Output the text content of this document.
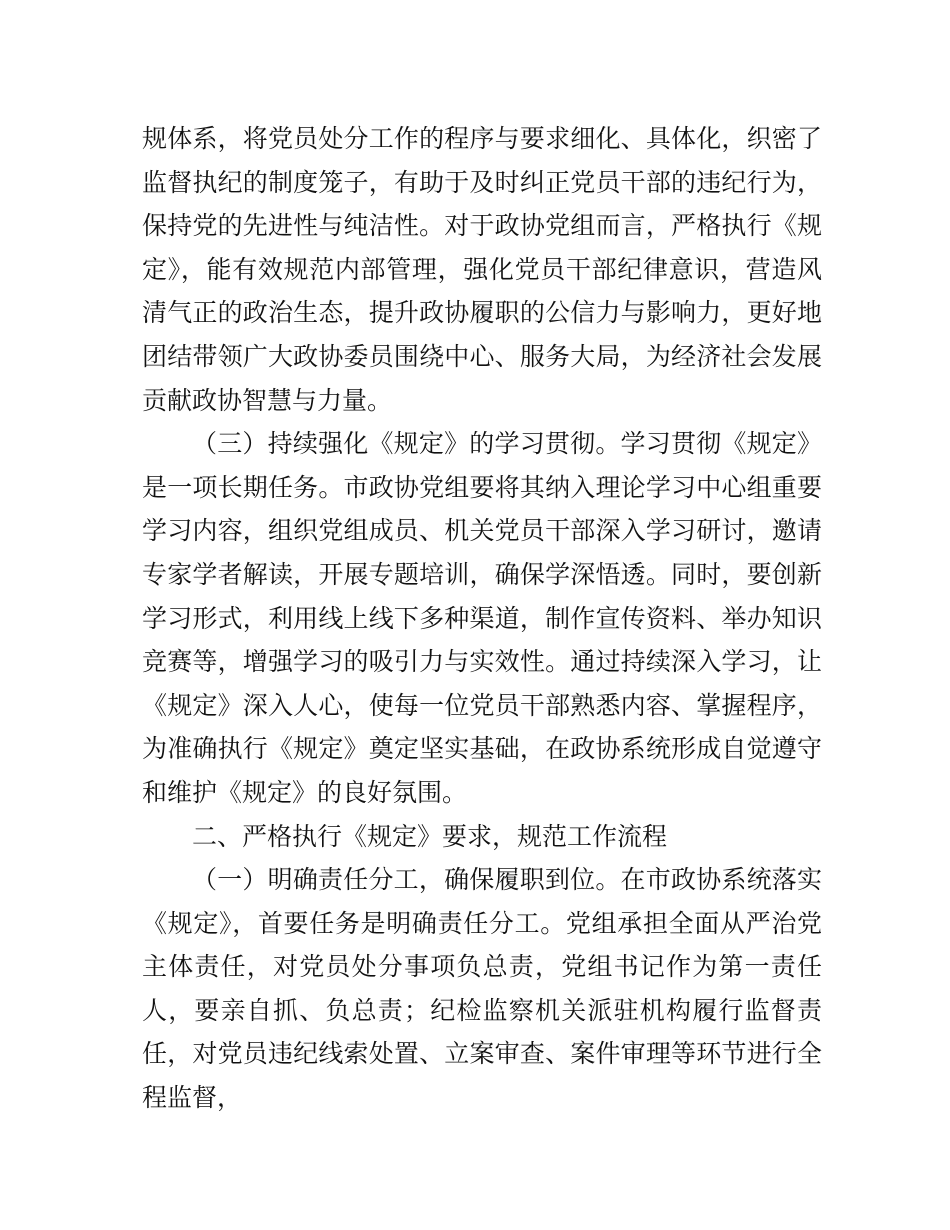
规体系，将党员处分工作的程序与要求细化、具体化，织密了监督执纪的制度笼子，有助于及时纠正党员干部的违纪行为，保持党的先进性与纯洁性。对于政协党组而言，严格执行《规定》，能有效规范内部管理，强化党员干部纪律意识，营造风清气正的政治生态，提升政协履职的公信力与影响力，更好地团结带领广大政协委员围绕中心、服务大局，为经济社会发展贡献政协智慧与力量。

（三）持续强化《规定》的学习贯彻。学习贯彻《规定》是一项长期任务。市政协党组要将其纳入理论学习中心组重要学习内容，组织党组成员、机关党员干部深入学习研讨，邀请专家学者解读，开展专题培训，确保学深悟透。同时，要创新学习形式，利用线上线下多种渠道，制作宣传资料、举办知识竞赛等，增强学习的吸引力与实效性。通过持续深入学习，让《规定》深入人心，使每一位党员干部熟悉内容、掌握程序，为准确执行《规定》奠定坚实基础，在政协系统形成自觉遵守和维护《规定》的良好氛围。

二、严格执行《规定》要求，规范工作流程

（一）明确责任分工，确保履职到位。在市政协系统落实《规定》，首要任务是明确责任分工。党组承担全面从严治党主体责任，对党员处分事项负总责，党组书记作为第一责任人，要亲自抓、负总责；纪检监察机关派驻机构履行监督责任，对党员违纪线索处置、立案审查、案件审理等环节进行全程监督，
